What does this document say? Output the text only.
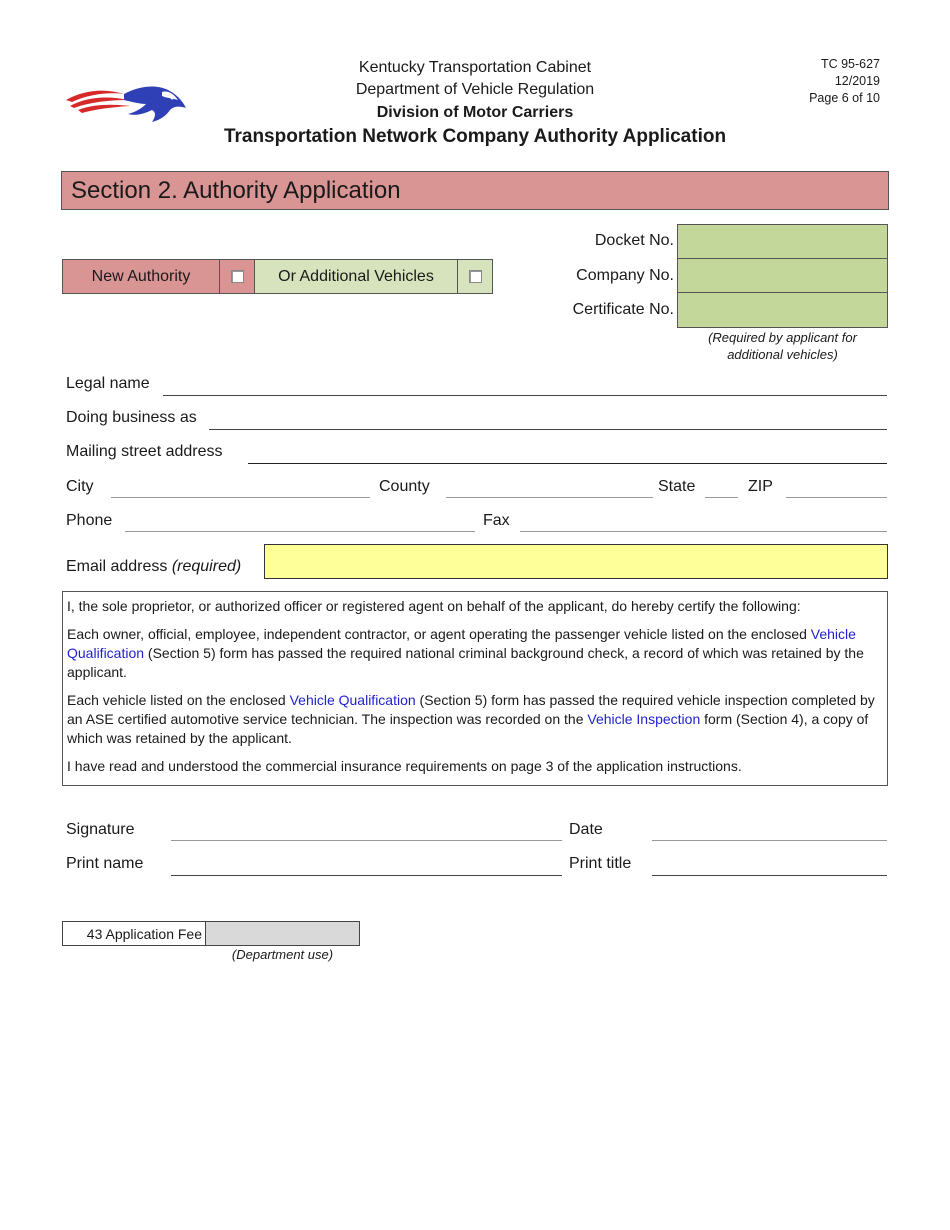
Kentucky Transportation Cabinet
Department of Vehicle Regulation
Division of Motor Carriers
Transportation Network Company Authority Application
TC 95-627
12/2019
Page 6 of 10
Section 2. Authority Application
New Authority	Or Additional Vehicles
Docket No.
Company No.
Certificate No.
(Required by applicant for
additional vehicles)
Legal name
Doing business as
Mailing street address
City	County	State	ZIP
Phone	Fax
Email address (required)

I, the sole proprietor, or authorized officer or registered agent on behalf of the applicant, do hereby certify the following:

Each owner, official, employee, independent contractor, or agent operating the passenger vehicle listed on the enclosed Vehicle Qualification (Section 5) form has passed the required national criminal background check, a record of which was retained by the applicant.

Each vehicle listed on the enclosed Vehicle Qualification (Section 5) form has passed the required vehicle inspection completed by an ASE certified automotive service technician. The inspection was recorded on the Vehicle Inspection form (Section 4), a copy of which was retained by the applicant.

I have read and understood the commercial insurance requirements on page 3 of the application instructions.

Signature	Date
Print name	Print title
43 Application Fee
(Department use)
